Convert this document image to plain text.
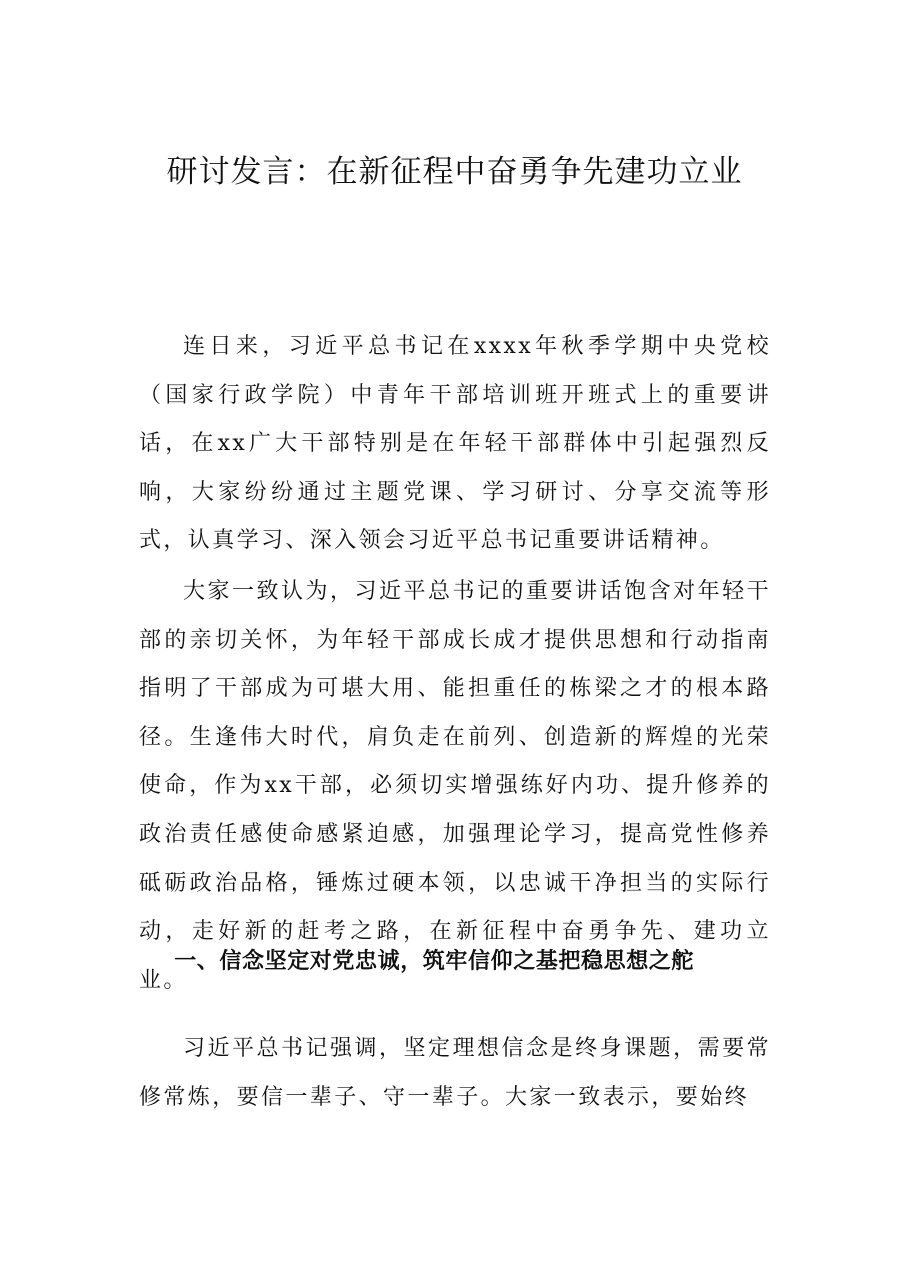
研讨发言：在新征程中奋勇争先建功立业

连日来，习近平总书记在xxxx年秋季学期中央党校（国家行政学院）中青年干部培训班开班式上的重要讲话，在xx广大干部特别是在年轻干部群体中引起强烈反响，大家纷纷通过主题党课、学习研讨、分享交流等形式，认真学习、深入领会习近平总书记重要讲话精神。

大家一致认为，习近平总书记的重要讲话饱含对年轻干部的亲切关怀，为年轻干部成长成才提供思想和行动指南指明了干部成为可堪大用、能担重任的栋梁之才的根本路径。生逢伟大时代，肩负走在前列、创造新的辉煌的光荣使命，作为xx干部，必须切实增强练好内功、提升修养的政治责任感使命感紧迫感，加强理论学习，提高党性修养砥砺政治品格，锤炼过硬本领，以忠诚干净担当的实际行动，走好新的赶考之路，在新征程中奋勇争先、建功立业。

一、信念坚定对党忠诚，筑牢信仰之基把稳思想之舵

习近平总书记强调，坚定理想信念是终身课题，需要常修常炼，要信一辈子、守一辈子。大家一致表示，要始终
